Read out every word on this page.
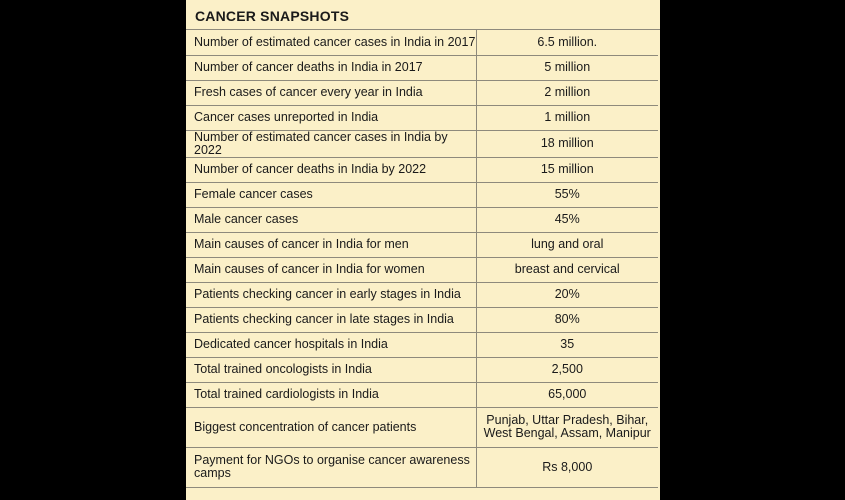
CANCER SNAPSHOTS
Number of estimated cancer cases in India in 2017	6.5 million.
Number of cancer deaths in India in 2017	5 million
Fresh cases of cancer every year in India	2 million
Cancer cases unreported in India	1 million
Number of estimated cancer cases in India by 2022	18 million
Number of cancer deaths in India by 2022	15 million
Female cancer cases	55%
Male cancer cases	45%
Main causes of cancer in India for men	lung and oral
Main causes of cancer in India for women	breast and cervical
Patients checking cancer in early stages in India	20%
Patients checking cancer in late stages in India	80%
Dedicated cancer hospitals in India	35
Total trained oncologists in India	2,500
Total trained cardiologists in India	65,000
Biggest concentration of cancer patients	Punjab, Uttar Pradesh, Bihar, West Bengal, Assam, Manipur
Payment for NGOs to organise cancer awareness camps	Rs 8,000
